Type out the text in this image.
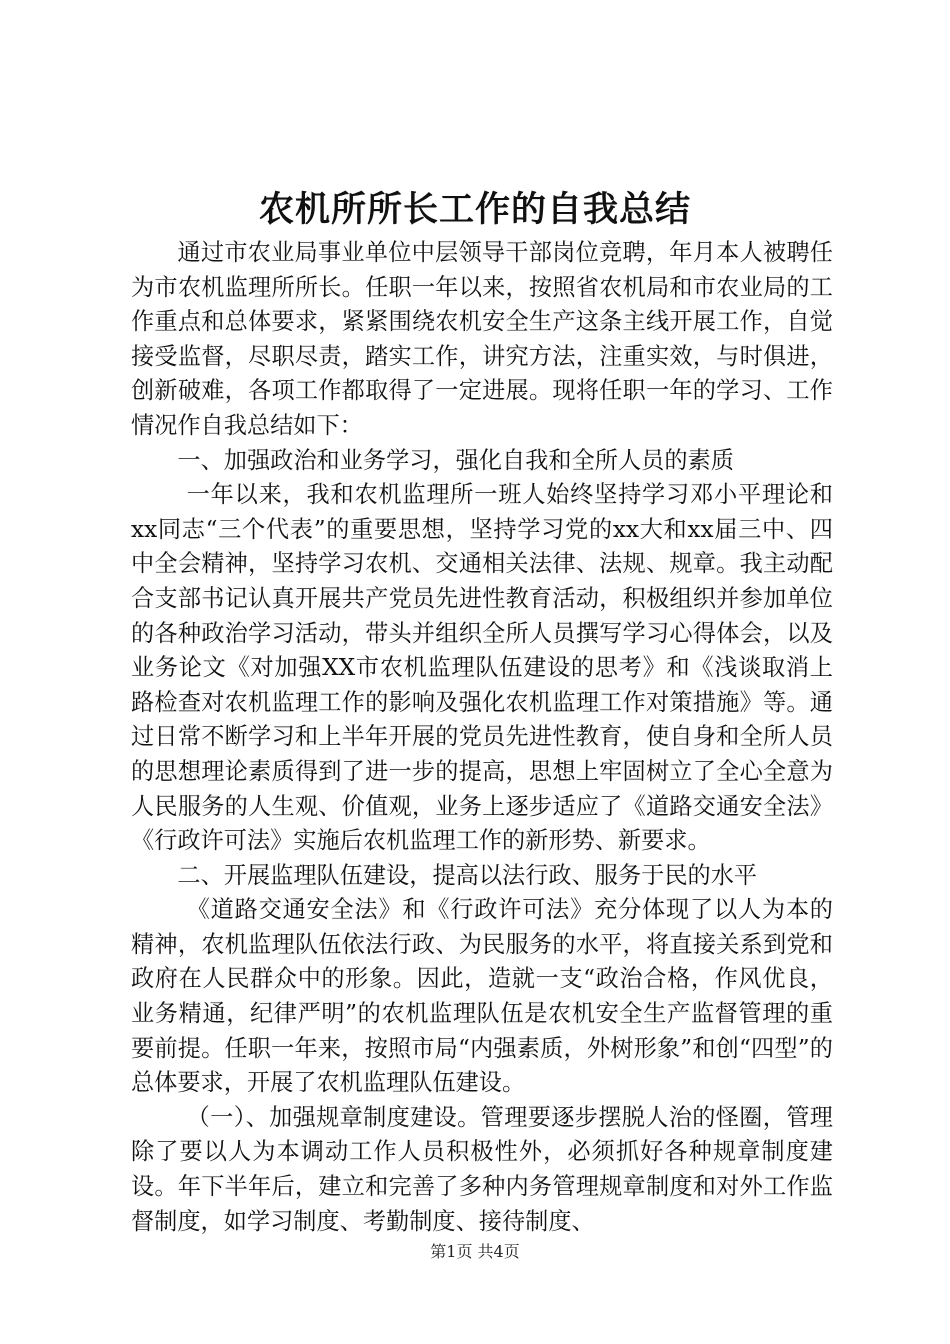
农机所所长工作的自我总结

通过市农业局事业单位中层领导干部岗位竞聘，年月本人被聘任为市农机监理所所长。任职一年以来，按照省农机局和市农业局的工作重点和总体要求，紧紧围绕农机安全生产这条主线开展工作，自觉接受监督，尽职尽责，踏实工作，讲究方法，注重实效，与时俱进，创新破难，各项工作都取得了一定进展。现将任职一年的学习、工作情况作自我总结如下：

一、加强政治和业务学习，强化自我和全所人员的素质

一年以来，我和农机监理所一班人始终坚持学习邓小平理论和xx同志“三个代表”的重要思想，坚持学习党的xx大和xx届三中、四中全会精神，坚持学习农机、交通相关法律、法规、规章。我主动配合支部书记认真开展共产党员先进性教育活动，积极组织并参加单位的各种政治学习活动，带头并组织全所人员撰写学习心得体会，以及业务论文《对加强XX市农机监理队伍建设的思考》和《浅谈取消上路检查对农机监理工作的影响及强化农机监理工作对策措施》等。通过日常不断学习和上半年开展的党员先进性教育，使自身和全所人员的思想理论素质得到了进一步的提高，思想上牢固树立了全心全意为人民服务的人生观、价值观，业务上逐步适应了《道路交通安全法》《行政许可法》实施后农机监理工作的新形势、新要求。

二、开展监理队伍建设，提高以法行政、服务于民的水平

《道路交通安全法》和《行政许可法》充分体现了以人为本的精神，农机监理队伍依法行政、为民服务的水平，将直接关系到党和政府在人民群众中的形象。因此，造就一支“政治合格，作风优良，业务精通，纪律严明”的农机监理队伍是农机安全生产监督管理的重要前提。任职一年来，按照市局“内强素质，外树形象”和创“四型”的总体要求，开展了农机监理队伍建设。

（一）、加强规章制度建设。管理要逐步摆脱人治的怪圈，管理除了要以人为本调动工作人员积极性外，必须抓好各种规章制度建设。年下半年后，建立和完善了多种内务管理规章制度和对外工作监督制度，如学习制度、考勤制度、接待制度、

第1页 共4页
